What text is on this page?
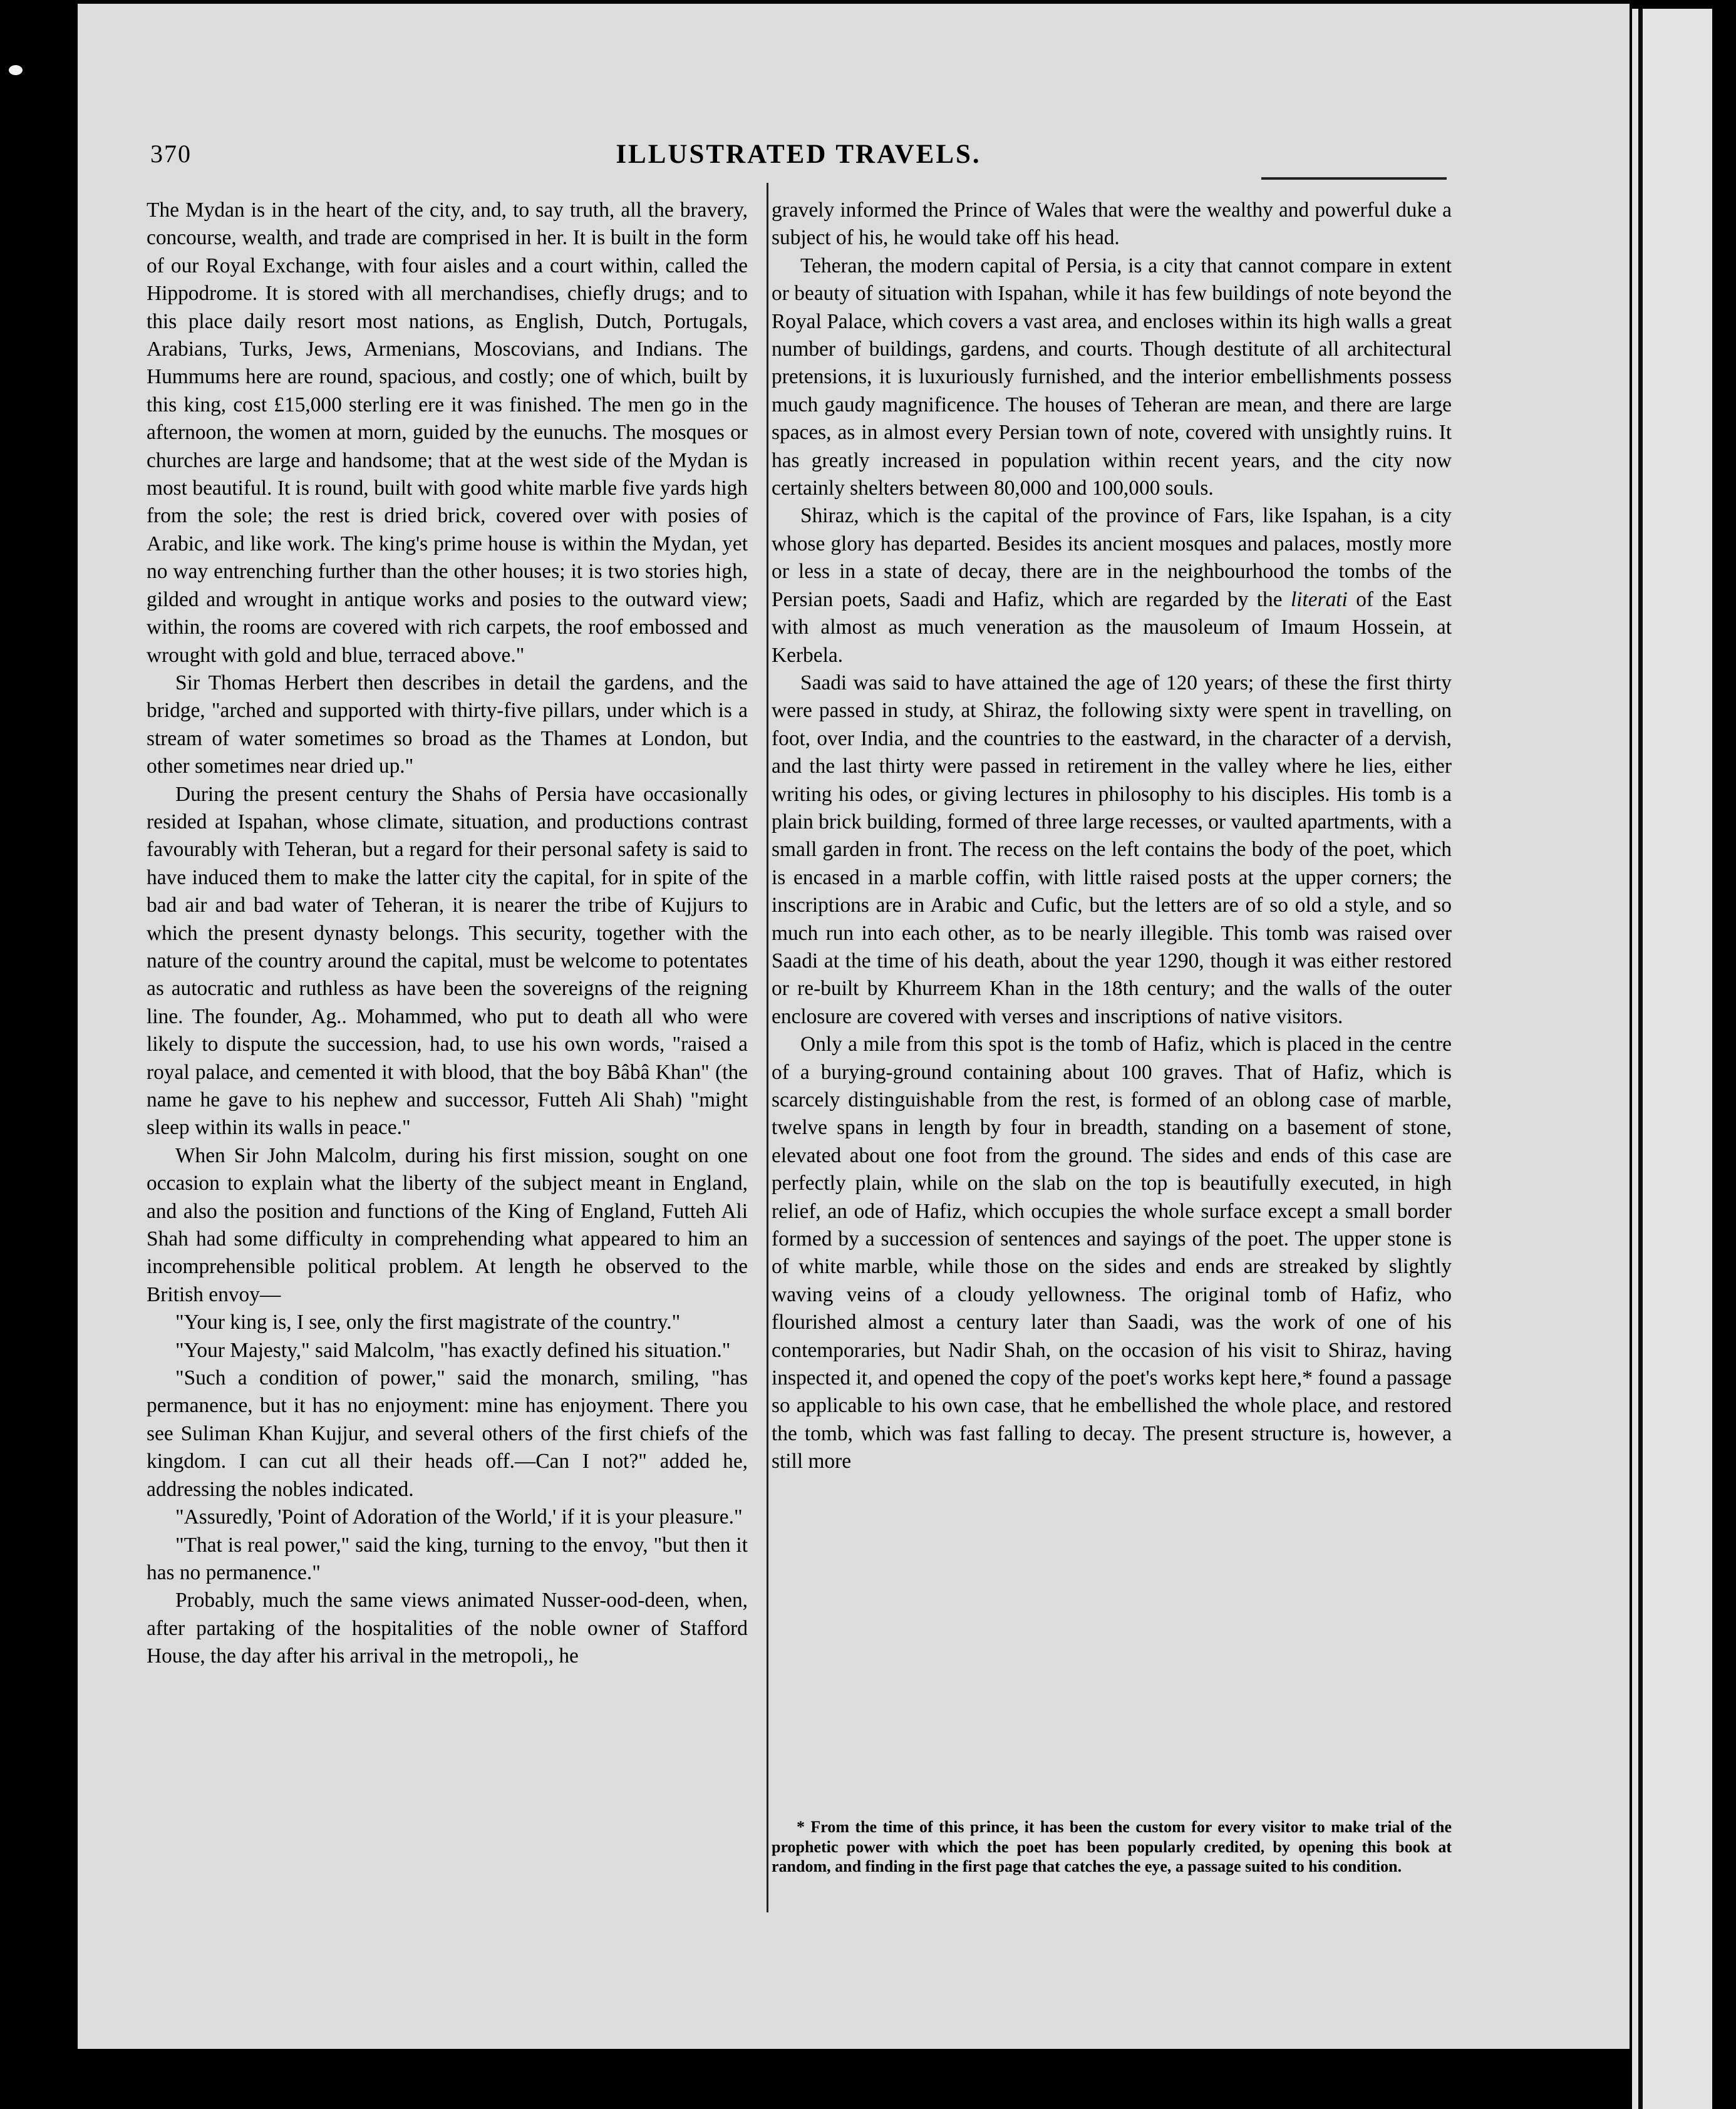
370	ILLUSTRATED TRAVELS.

The Mydan is in the heart of the city, and, to say truth, all the bravery, concourse, wealth, and trade are comprised in her. It is built in the form of our Royal Exchange, with four aisles and a court within, called the Hippodrome. It is stored with all merchandises, chiefly drugs; and to this place daily resort most nations, as English, Dutch, Portugals, Arabians, Turks, Jews, Armenians, Moscovians, and Indians. The Hummums here are round, spacious, and costly; one of which, built by this king, cost £15,000 sterling ere it was finished. The men go in the afternoon, the women at morn, guided by the eunuchs. The mosques or churches are large and handsome; that at the west side of the Mydan is most beautiful. It is round, built with good white marble five yards high from the sole; the rest is dried brick, covered over with posies of Arabic, and like work. The king's prime house is within the Mydan, yet no way entrenching further than the other houses; it is two stories high, gilded and wrought in antique works and posies to the outward view; within, the rooms are covered with rich carpets, the roof embossed and wrought with gold and blue, terraced above."

Sir Thomas Herbert then describes in detail the gardens, and the bridge, "arched and supported with thirty-five pillars, under which is a stream of water sometimes so broad as the Thames at London, but other sometimes near dried up."

During the present century the Shahs of Persia have occasionally resided at Ispahan, whose climate, situation, and productions contrast favourably with Teheran, but a regard for their personal safety is said to have induced them to make the latter city the capital, for in spite of the bad air and bad water of Teheran, it is nearer the tribe of Kujjurs to which the present dynasty belongs. This security, together with the nature of the country around the capital, must be welcome to potentates as autocratic and ruthless as have been the sovereigns of the reigning line. The founder, Ag.. Mohammed, who put to death all who were likely to dispute the succession, had, to use his own words, "raised a royal palace, and cemented it with blood, that the boy Bâbâ Khan" (the name he gave to his nephew and successor, Futteh Ali Shah) "might sleep within its walls in peace."

When Sir John Malcolm, during his first mission, sought on one occasion to explain what the liberty of the subject meant in England, and also the position and functions of the King of England, Futteh Ali Shah had some difficulty in comprehending what appeared to him an incomprehensible political problem. At length he observed to the British envoy—

"Your king is, I see, only the first magistrate of the country."

"Your Majesty," said Malcolm, "has exactly defined his situation."

"Such a condition of power," said the monarch, smiling, "has permanence, but it has no enjoyment: mine has enjoyment. There you see Suliman Khan Kujjur, and several others of the first chiefs of the kingdom. I can cut all their heads off.—Can I not?" added he, addressing the nobles indicated.

"Assuredly, 'Point of Adoration of the World,' if it is your pleasure."

"That is real power," said the king, turning to the envoy, "but then it has no permanence."

Probably, much the same views animated Nusser-ood-deen, when, after partaking of the hospitalities of the noble owner of Stafford House, the day after his arrival in the metropoli,, he

gravely informed the Prince of Wales that were the wealthy and powerful duke a subject of his, he would take off his head.

Teheran, the modern capital of Persia, is a city that cannot compare in extent or beauty of situation with Ispahan, while it has few buildings of note beyond the Royal Palace, which covers a vast area, and encloses within its high walls a great number of buildings, gardens, and courts. Though destitute of all architectural pretensions, it is luxuriously furnished, and the interior embellishments possess much gaudy magnificence. The houses of Teheran are mean, and there are large spaces, as in almost every Persian town of note, covered with unsightly ruins. It has greatly increased in population within recent years, and the city now certainly shelters between 80,000 and 100,000 souls.

Shiraz, which is the capital of the province of Fars, like Ispahan, is a city whose glory has departed. Besides its ancient mosques and palaces, mostly more or less in a state of decay, there are in the neighbourhood the tombs of the Persian poets, Saadi and Hafiz, which are regarded by the literati of the East with almost as much veneration as the mausoleum of Imaum Hossein, at Kerbela.

Saadi was said to have attained the age of 120 years; of these the first thirty were passed in study, at Shiraz, the following sixty were spent in travelling, on foot, over India, and the countries to the eastward, in the character of a dervish, and the last thirty were passed in retirement in the valley where he lies, either writing his odes, or giving lectures in philosophy to his disciples. His tomb is a plain brick building, formed of three large recesses, or vaulted apartments, with a small garden in front. The recess on the left contains the body of the poet, which is encased in a marble coffin, with little raised posts at the upper corners; the inscriptions are in Arabic and Cufic, but the letters are of so old a style, and so much run into each other, as to be nearly illegible. This tomb was raised over Saadi at the time of his death, about the year 1290, though it was either restored or re-built by Khurreem Khan in the 18th century; and the walls of the outer enclosure are covered with verses and inscriptions of native visitors.

Only a mile from this spot is the tomb of Hafiz, which is placed in the centre of a burying-ground containing about 100 graves. That of Hafiz, which is scarcely distinguishable from the rest, is formed of an oblong case of marble, twelve spans in length by four in breadth, standing on a basement of stone, elevated about one foot from the ground. The sides and ends of this case are perfectly plain, while on the slab on the top is beautifully executed, in high relief, an ode of Hafiz, which occupies the whole surface except a small border formed by a succession of sentences and sayings of the poet. The upper stone is of white marble, while those on the sides and ends are streaked by slightly waving veins of a cloudy yellowness. The original tomb of Hafiz, who flourished almost a century later than Saadi, was the work of one of his contemporaries, but Nadir Shah, on the occasion of his visit to Shiraz, having inspected it, and opened the copy of the poet's works kept here,* found a passage so applicable to his own case, that he embellished the whole place, and restored the tomb, which was fast falling to decay. The present structure is, however, a still more

* From the time of this prince, it has been the custom for every visitor to make trial of the prophetic power with which the poet has been popularly credited, by opening this book at random, and finding in the first page that catches the eye, a passage suited to his condition.
